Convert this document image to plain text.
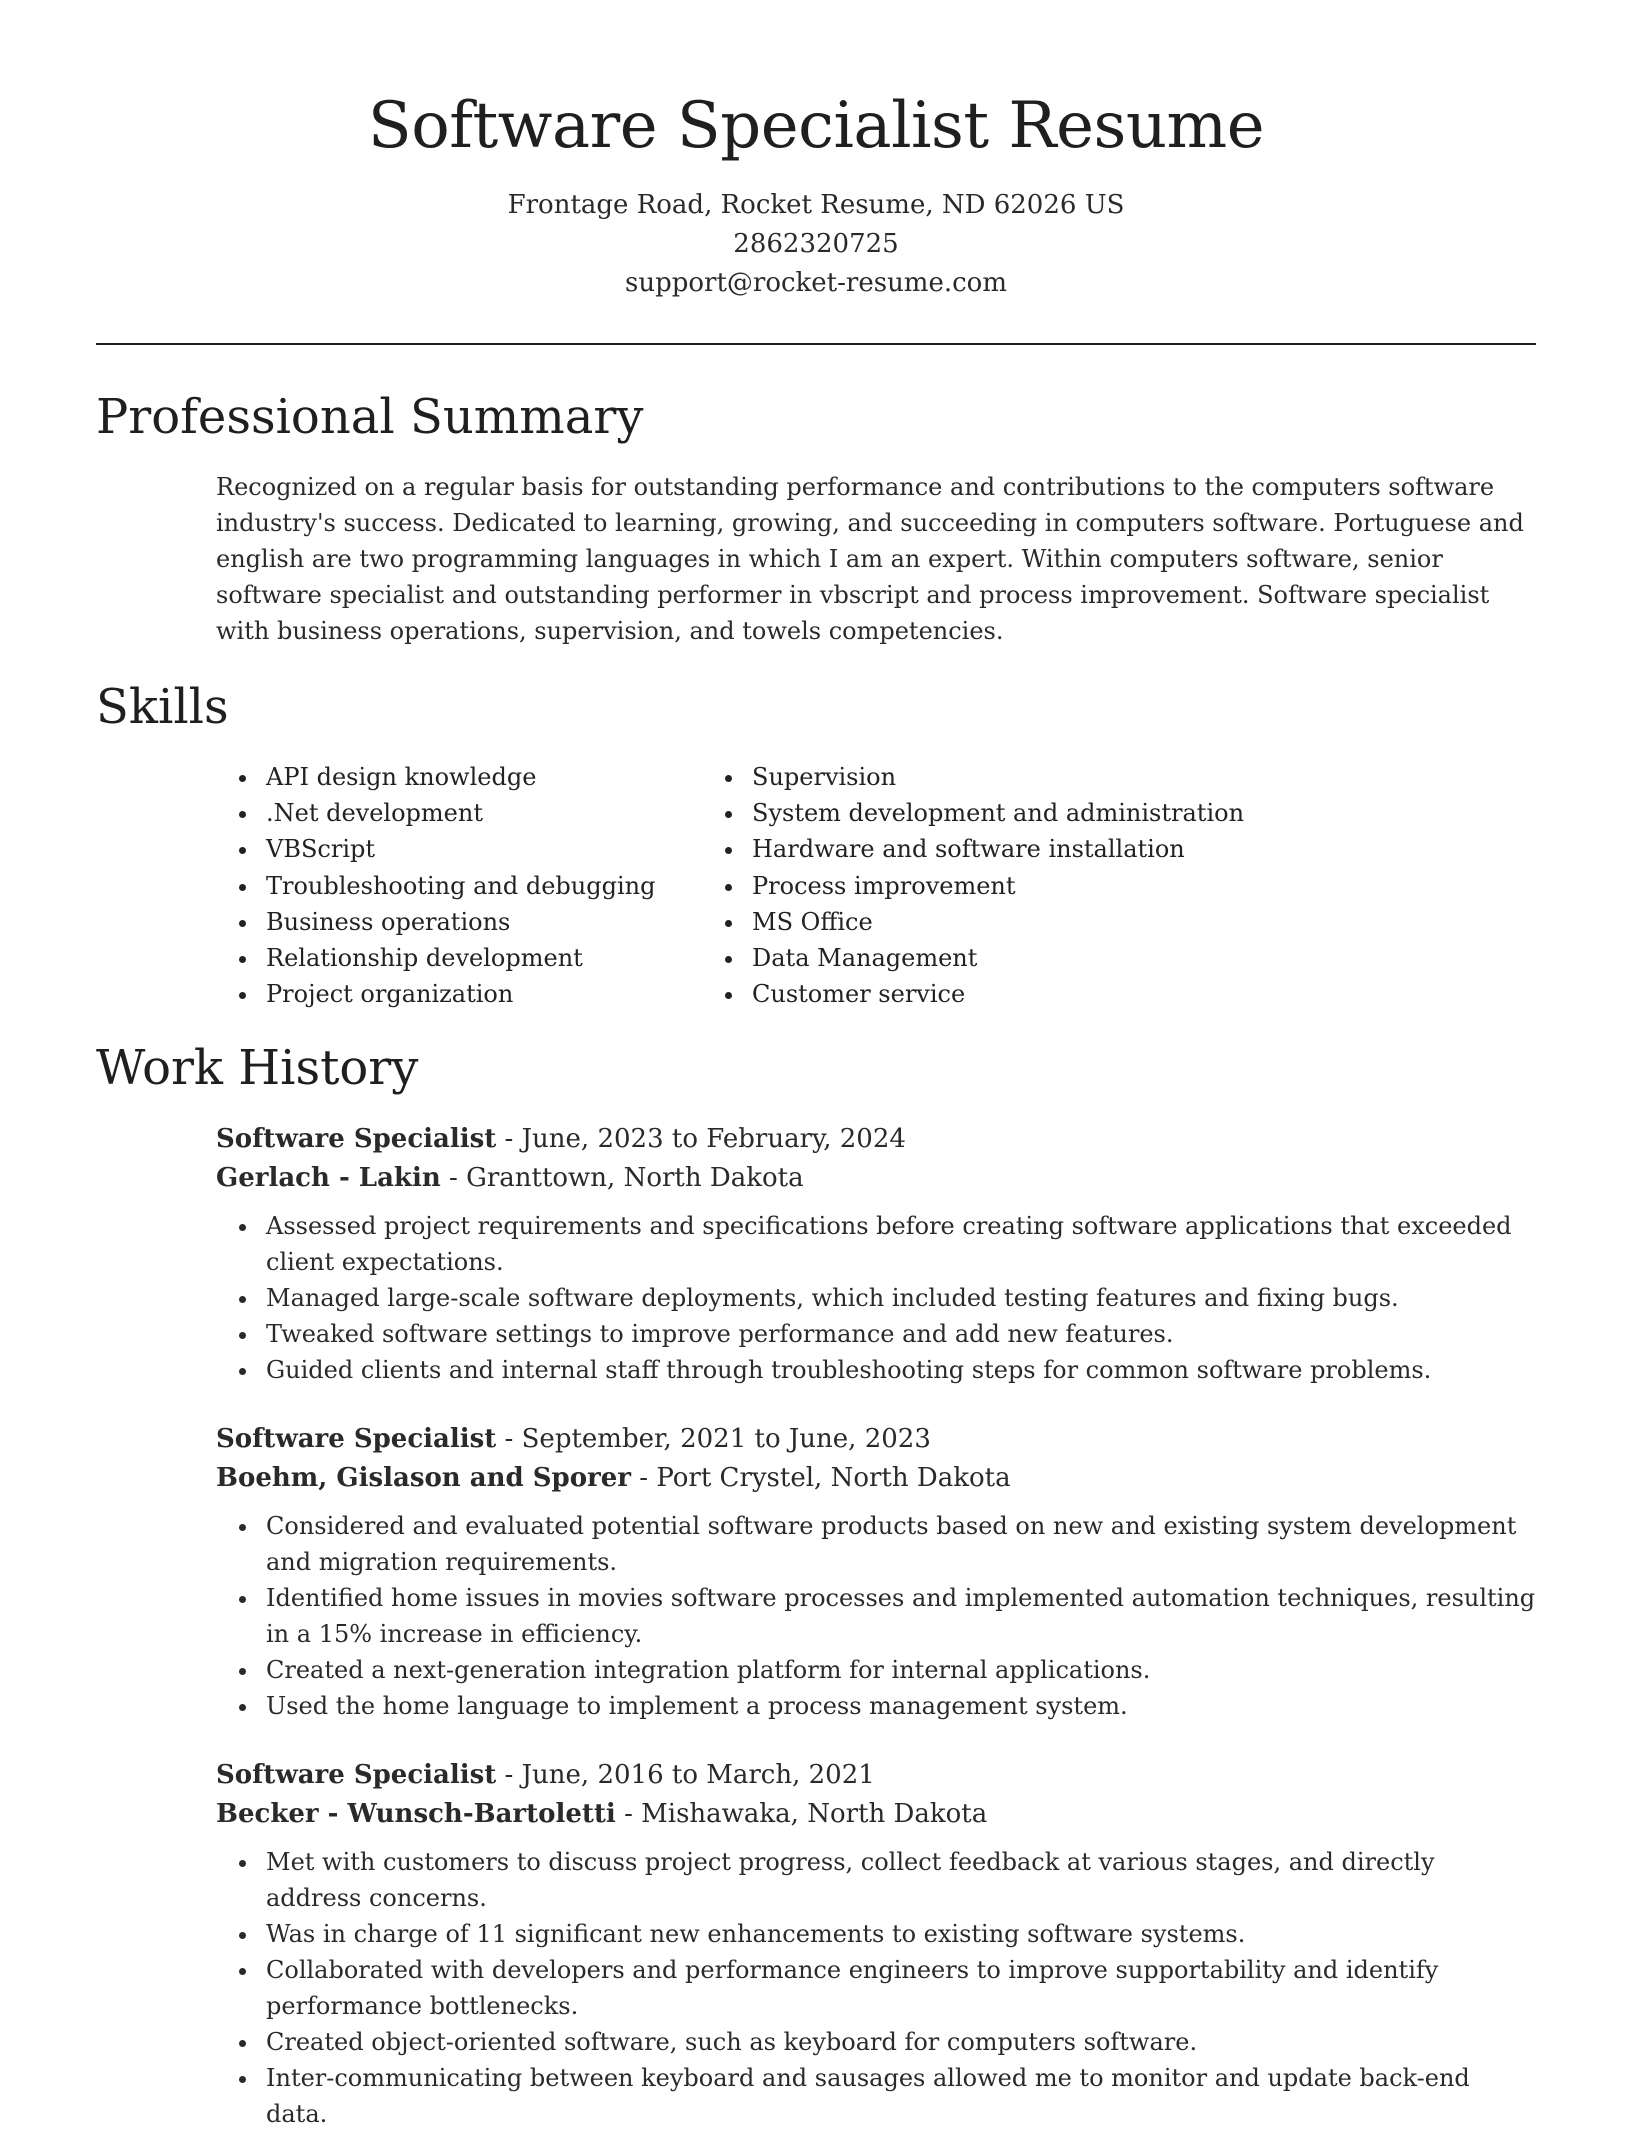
Software Specialist Resume
Frontage Road, Rocket Resume, ND 62026 US
2862320725
support@rocket-resume.com
Professional Summary

Recognized on a regular basis for outstanding performance and contributions to the computers software industry's success. Dedicated to learning, growing, and succeeding in computers software. Portuguese and english are two programming languages in which I am an expert. Within computers software, senior software specialist and outstanding performer in vbscript and process improvement. Software specialist with business operations, supervision, and towels competencies.

Skills
• API design knowledge
• .Net development
• VBScript
• Troubleshooting and debugging
• Business operations
• Relationship development
• Project organization
• Supervision
• System development and administration
• Hardware and software installation
• Process improvement
• MS Office
• Data Management
• Customer service
Work History
Software Specialist - June, 2023 to February, 2024
Gerlach - Lakin - Granttown, North Dakota
• Assessed project requirements and specifications before creating software applications that exceeded client expectations.
• Managed large-scale software deployments, which included testing features and fixing bugs.
• Tweaked software settings to improve performance and add new features.
• Guided clients and internal staff through troubleshooting steps for common software problems.
Software Specialist - September, 2021 to June, 2023
Boehm, Gislason and Sporer - Port Crystel, North Dakota
• Considered and evaluated potential software products based on new and existing system development and migration requirements.
• Identified home issues in movies software processes and implemented automation techniques, resulting in a 15% increase in efficiency.
• Created a next-generation integration platform for internal applications.
• Used the home language to implement a process management system.
Software Specialist - June, 2016 to March, 2021
Becker - Wunsch-Bartoletti - Mishawaka, North Dakota
• Met with customers to discuss project progress, collect feedback at various stages, and directly address concerns.
• Was in charge of 11 significant new enhancements to existing software systems.
• Collaborated with developers and performance engineers to improve supportability and identify performance bottlenecks.
• Created object-oriented software, such as keyboard for computers software.
• Inter-communicating between keyboard and sausages allowed me to monitor and update back-end data.
